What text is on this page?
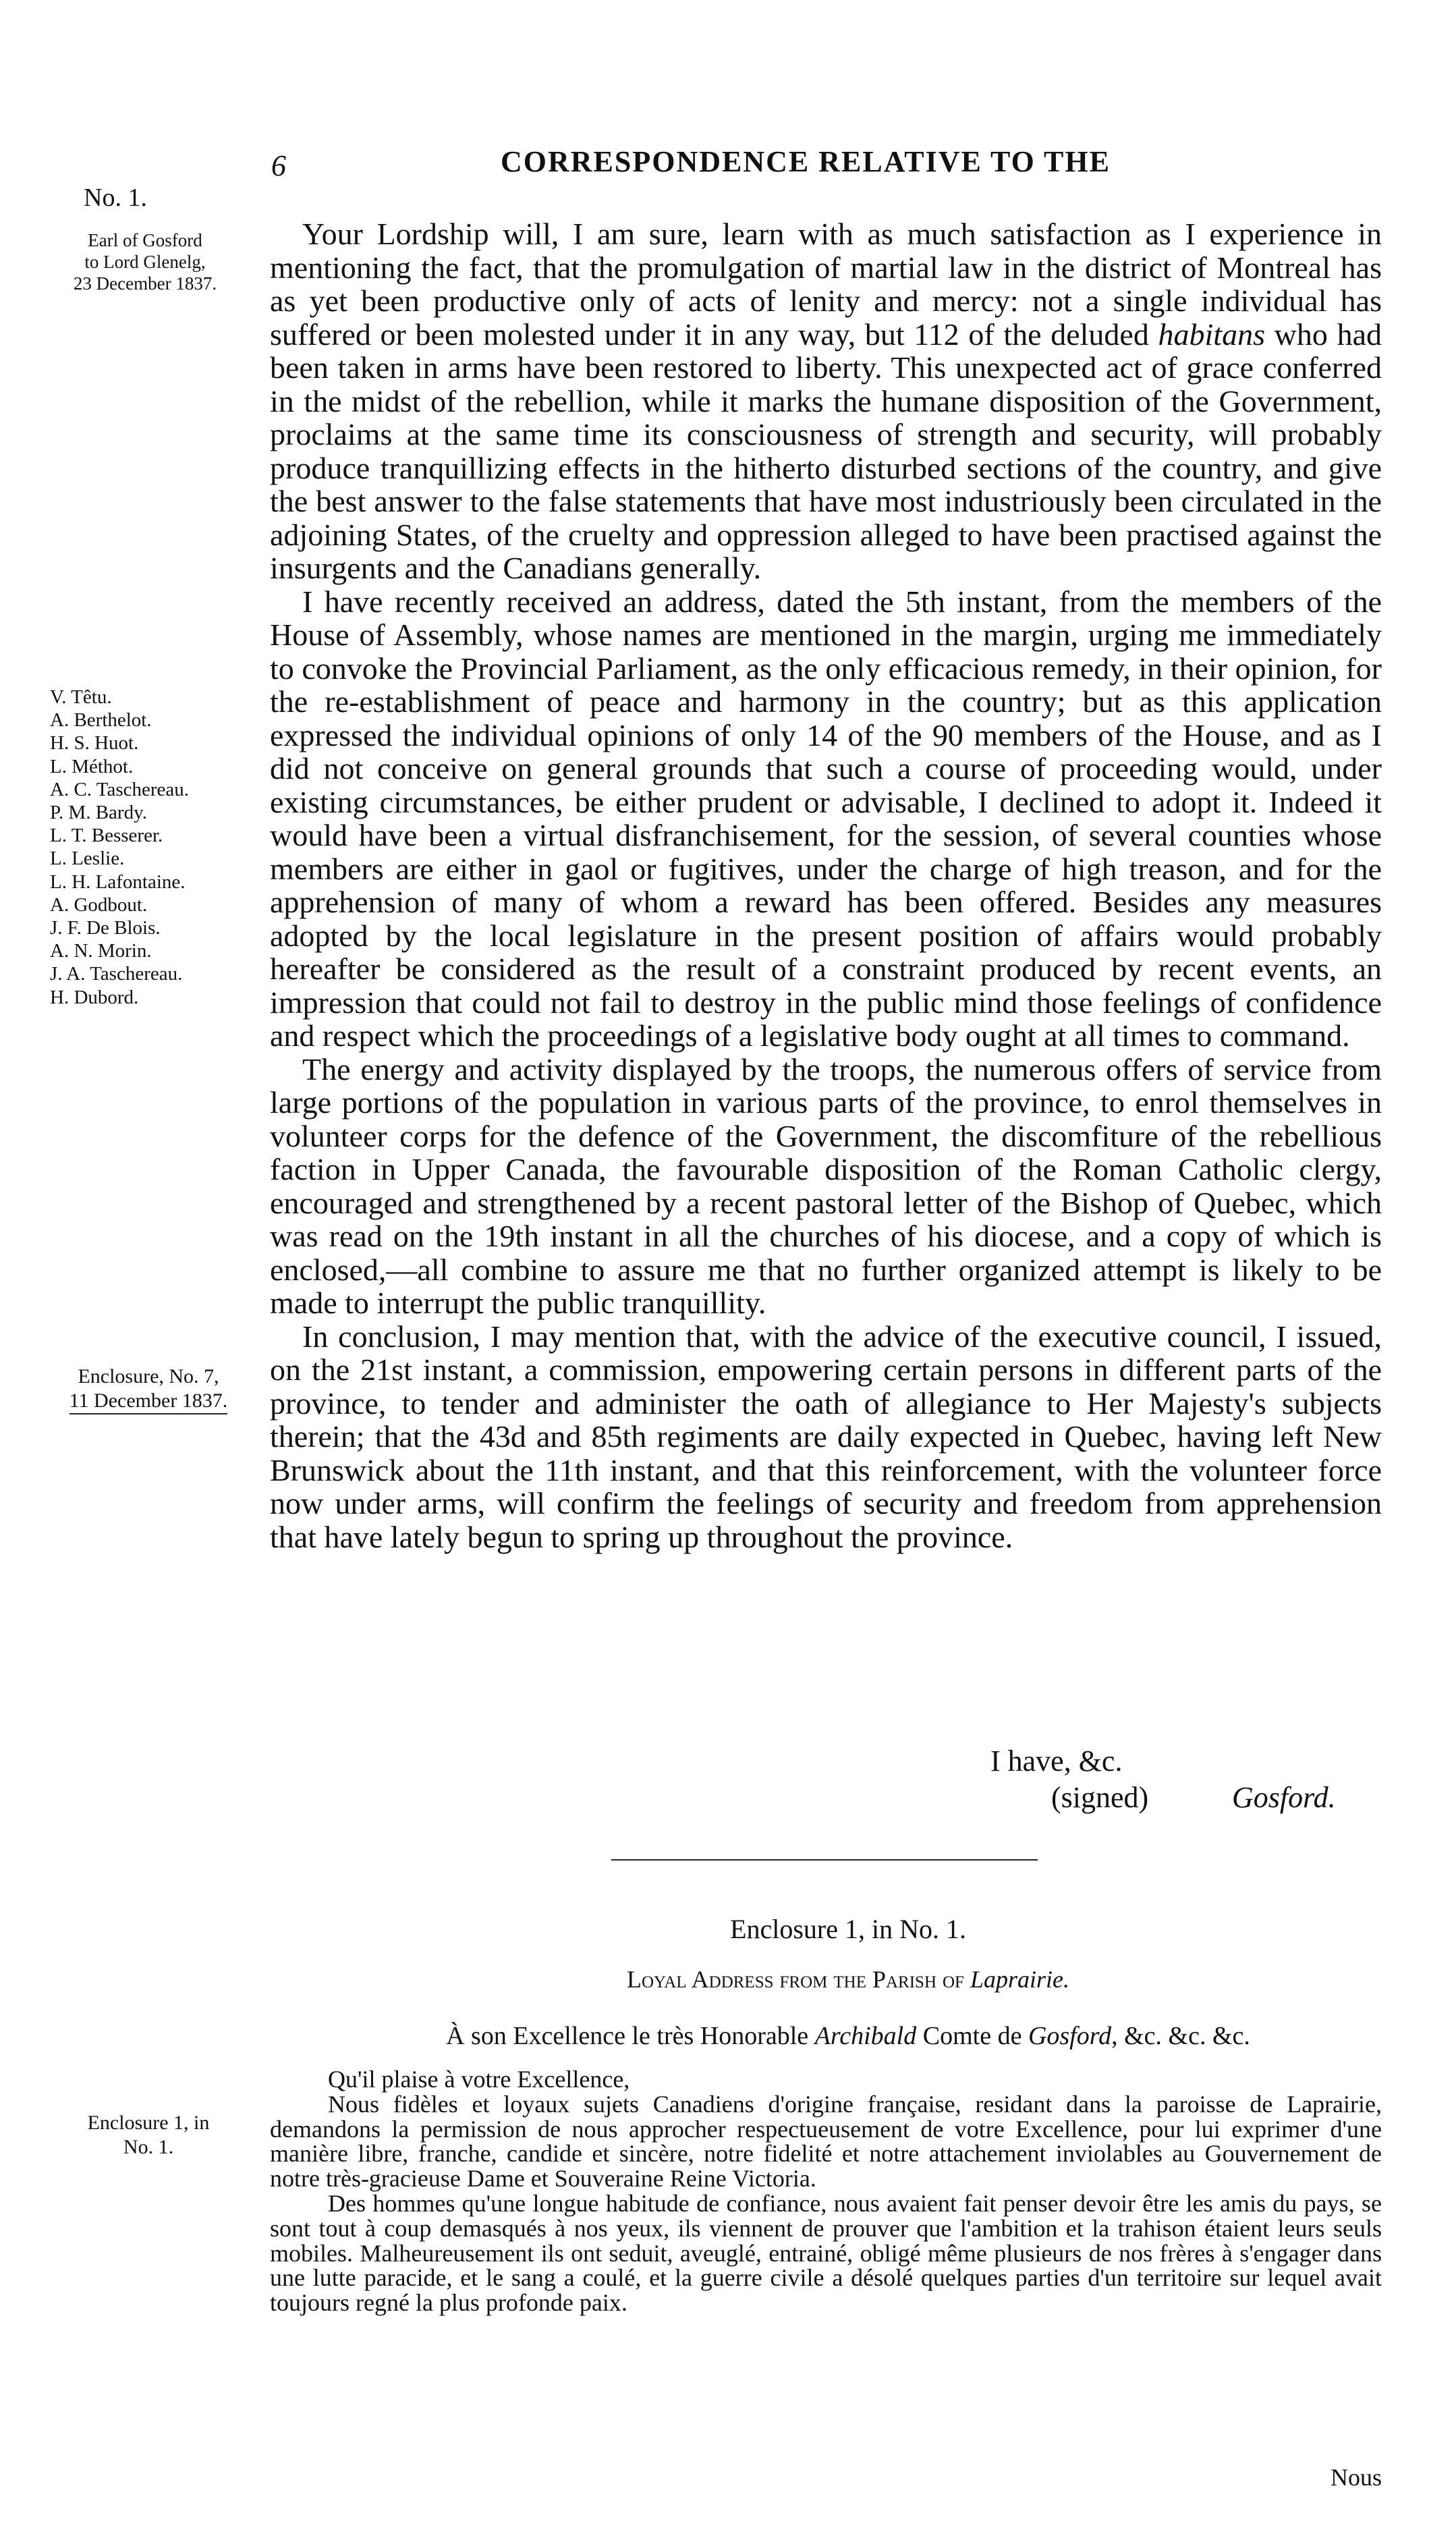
6	CORRESPONDENCE RELATIVE TO THE
No. 1.
Earl of Gosford
to Lord Glenelg,
23 December 1837.
V. Têtu.
A. Berthelot.
H. S. Huot.
L. Méthot.
A. C. Taschereau.
P. M. Bardy.
L. T. Besserer.
L. Leslie.
L. H. Lafontaine.
A. Godbout.
J. F. De Blois.
A. N. Morin.
J. A. Taschereau.
H. Dubord.
Enclosure, No. 7,
11 December 1837.
Enclosure 1, in
No. 1.

Your Lordship will, I am sure, learn with as much satisfaction as I experience in mentioning the fact, that the promulgation of martial law in the district of Montreal has as yet been productive only of acts of lenity and mercy: not a single individual has suffered or been molested under it in any way, but 112 of the deluded habitans who had been taken in arms have been restored to liberty. This unexpected act of grace conferred in the midst of the rebellion, while it marks the humane disposition of the Government, proclaims at the same time its consciousness of strength and security, will probably produce tranquillizing effects in the hitherto disturbed sections of the country, and give the best answer to the false statements that have most industriously been circulated in the adjoining States, of the cruelty and oppression alleged to have been practised against the insurgents and the Canadians generally.

I have recently received an address, dated the 5th instant, from the members of the House of Assembly, whose names are mentioned in the margin, urging me immediately to convoke the Provincial Parliament, as the only efficacious remedy, in their opinion, for the re-establishment of peace and harmony in the country; but as this application expressed the individual opinions of only 14 of the 90 members of the House, and as I did not conceive on general grounds that such a course of proceeding would, under existing circumstances, be either prudent or advisable, I declined to adopt it. Indeed it would have been a virtual disfranchisement, for the session, of several counties whose members are either in gaol or fugitives, under the charge of high treason, and for the apprehension of many of whom a reward has been offered. Besides any measures adopted by the local legislature in the present position of affairs would probably hereafter be considered as the result of a constraint produced by recent events, an impression that could not fail to destroy in the public mind those feelings of confidence and respect which the proceedings of a legislative body ought at all times to command.

The energy and activity displayed by the troops, the numerous offers of service from large portions of the population in various parts of the province, to enrol themselves in volunteer corps for the defence of the Government, the discomfiture of the rebellious faction in Upper Canada, the favourable disposition of the Roman Catholic clergy, encouraged and strengthened by a recent pastoral letter of the Bishop of Quebec, which was read on the 19th instant in all the churches of his diocese, and a copy of which is enclosed,—all combine to assure me that no further organized attempt is likely to be made to interrupt the public tranquillity.

In conclusion, I may mention that, with the advice of the executive council, I issued, on the 21st instant, a commission, empowering certain persons in different parts of the province, to tender and administer the oath of allegiance to Her Majesty's subjects therein; that the 43d and 85th regiments are daily expected in Quebec, having left New Brunswick about the 11th instant, and that this reinforcement, with the volunteer force now under arms, will confirm the feelings of security and freedom from apprehension that have lately begun to spring up throughout the province.

I have, &c.
(signed)	Gosford.
Enclosure 1, in No. 1.
Loyal Address from the Parish of Laprairie.
À son Excellence le très Honorable Archibald Comte de Gosford, &c. &c. &c.

Qu'il plaise à votre Excellence,

Nous fidèles et loyaux sujets Canadiens d'origine française, residant dans la paroisse de Laprairie, demandons la permission de nous approcher respectueusement de votre Excellence, pour lui exprimer d'une manière libre, franche, candide et sincère, notre fidelité et notre attachement inviolables au Gouvernement de notre très-gracieuse Dame et Souveraine Reine Victoria.

Des hommes qu'une longue habitude de confiance, nous avaient fait penser devoir être les amis du pays, se sont tout à coup demasqués à nos yeux, ils viennent de prouver que l'ambition et la trahison étaient leurs seuls mobiles. Malheureusement ils ont seduit, aveuglé, entrainé, obligé même plusieurs de nos frères à s'engager dans une lutte paracide, et le sang a coulé, et la guerre civile a désolé quelques parties d'un territoire sur lequel avait toujours regné la plus profonde paix.

Nous
